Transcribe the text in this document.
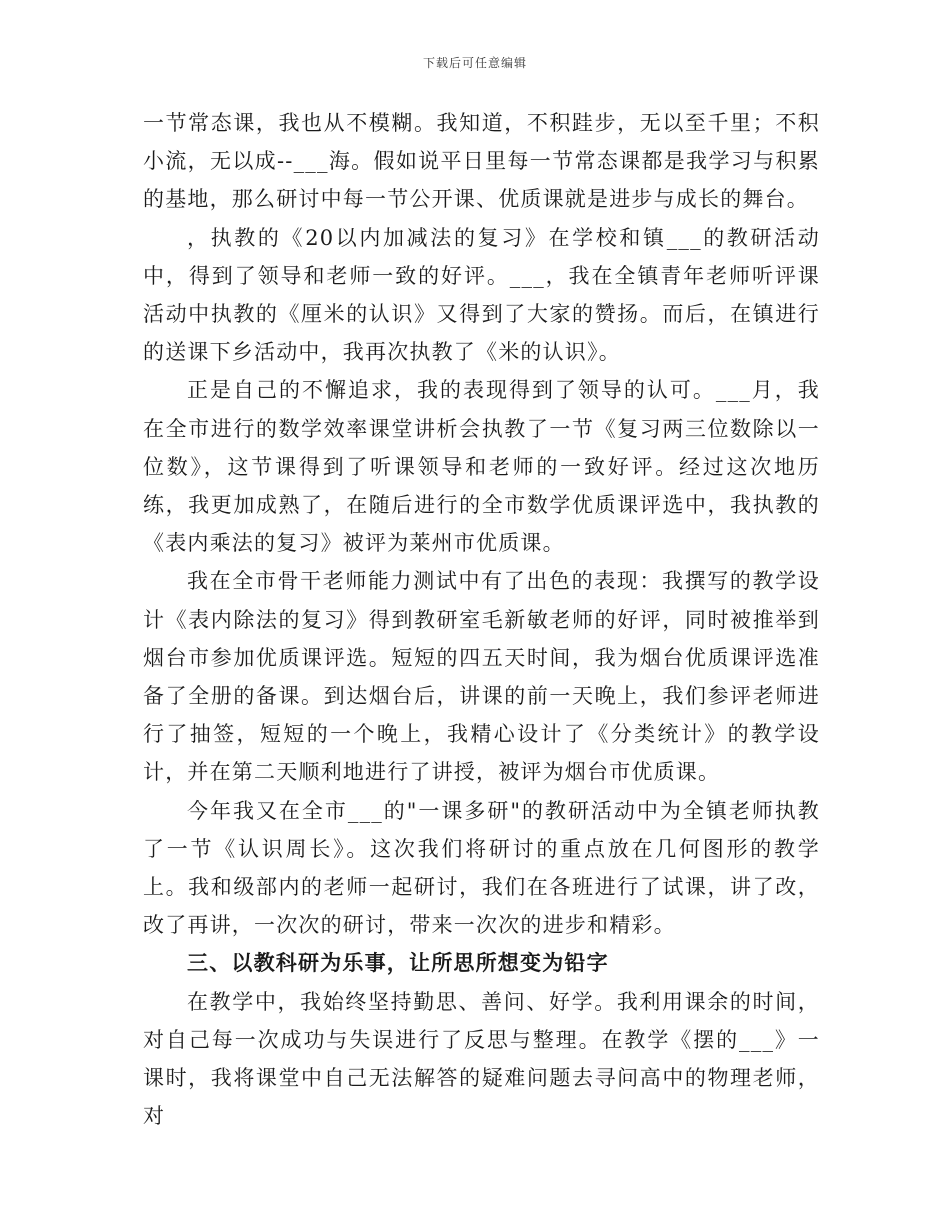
下载后可任意编辑

一节常态课，我也从不模糊。我知道，不积跬步，无以至千里；不积小流，无以成--___海。假如说平日里每一节常态课都是我学习与积累的基地，那么研讨中每一节公开课、优质课就是进步与成长的舞台。

，执教的《20以内加减法的复习》在学校和镇___的教研活动中，得到了领导和老师一致的好评。___，我在全镇青年老师听评课活动中执教的《厘米的认识》又得到了大家的赞扬。而后，在镇进行的送课下乡活动中，我再次执教了《米的认识》。

正是自己的不懈追求，我的表现得到了领导的认可。___月，我在全市进行的数学效率课堂讲析会执教了一节《复习两三位数除以一位数》，这节课得到了听课领导和老师的一致好评。经过这次地历练，我更加成熟了，在随后进行的全市数学优质课评选中，我执教的《表内乘法的复习》被评为莱州市优质课。

我在全市骨干老师能力测试中有了出色的表现：我撰写的教学设计《表内除法的复习》得到教研室毛新敏老师的好评，同时被推举到烟台市参加优质课评选。短短的四五天时间，我为烟台优质课评选准备了全册的备课。到达烟台后，讲课的前一天晚上，我们参评老师进行了抽签，短短的一个晚上，我精心设计了《分类统计》的教学设计，并在第二天顺利地进行了讲授，被评为烟台市优质课。

今年我又在全市___的"一课多研"的教研活动中为全镇老师执教了一节《认识周长》。这次我们将研讨的重点放在几何图形的教学上。我和级部内的老师一起研讨，我们在各班进行了试课，讲了改，改了再讲，一次次的研讨，带来一次次的进步和精彩。

三、以教科研为乐事，让所思所想变为铅字

在教学中，我始终坚持勤思、善问、好学。我利用课余的时间，对自己每一次成功与失误进行了反思与整理。在教学《摆的___》一课时，我将课堂中自己无法解答的疑难问题去寻问高中的物理老师，对
